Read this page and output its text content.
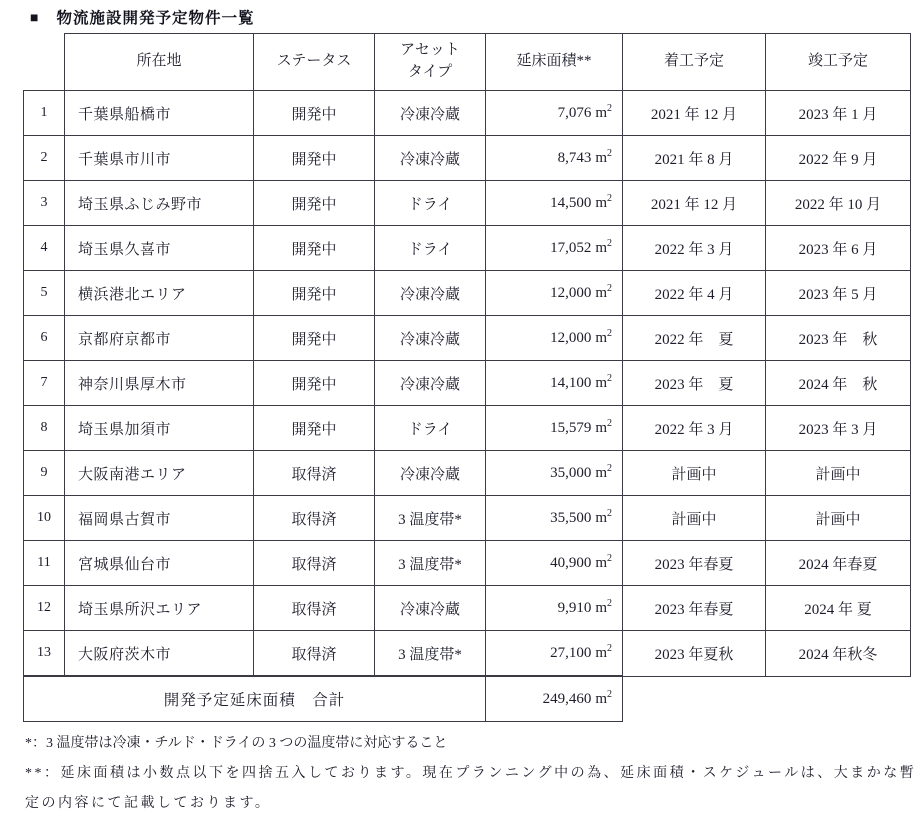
■ 物流施設開発予定物件一覧
	所在地	ステータス	アセットタイプ	延床面積**	着工予定	竣工予定
1	千葉県船橋市	開発中	冷凍冷蔵	7,076 $m^2$	2021 年 12 月	2023 年 1 月
2	千葉県市川市	開発中	冷凍冷蔵	8,743 $m^2$	2021 年 8 月	2022 年 9 月
3	埼玉県ふじみ野市	開発中	ドライ	14,500 $m^2$	2021 年 12 月	2022 年 10 月
4	埼玉県久喜市	開発中	ドライ	17,052 $m^2$	2022 年 3 月	2023 年 6 月
5	横浜港北エリア	開発中	冷凍冷蔵	12,000 $m^2$	2022 年 4 月	2023 年 5 月
6	京都府京都市	開発中	冷凍冷蔵	12,000 $m^2$	2022 年　夏	2023 年　秋
7	神奈川県厚木市	開発中	冷凍冷蔵	14,100 $m^2$	2023 年　夏	2024 年　秋
8	埼玉県加須市	開発中	ドライ	15,579 $m^2$	2022 年 3 月	2023 年 3 月
9	大阪南港エリア	取得済	冷凍冷蔵	35,000 $m^2$	計画中	計画中
10	福岡県古賀市	取得済	3 温度帯*	35,500 $m^2$	計画中	計画中
11	宮城県仙台市	取得済	3 温度帯*	40,900 $m^2$	2023 年春夏	2024 年春夏
12	埼玉県所沢エリア	取得済	冷凍冷蔵	9,910 $m^2$	2023 年春夏	2024 年 夏
13	大阪府茨木市	取得済	3 温度帯*	27,100 $m^2$	2023 年夏秋	2024 年秋冬
開発予定延床面積　合計				249,460 $m^2$	

*：3 温度帯は冷凍・チルド・ドライの 3 つの温度帯に対応すること

**：延床面積は小数点以下を四捨五入しております。現在プランニング中の為、延床面積・スケジュールは、大まかな暫定の内容にて記載しております。
